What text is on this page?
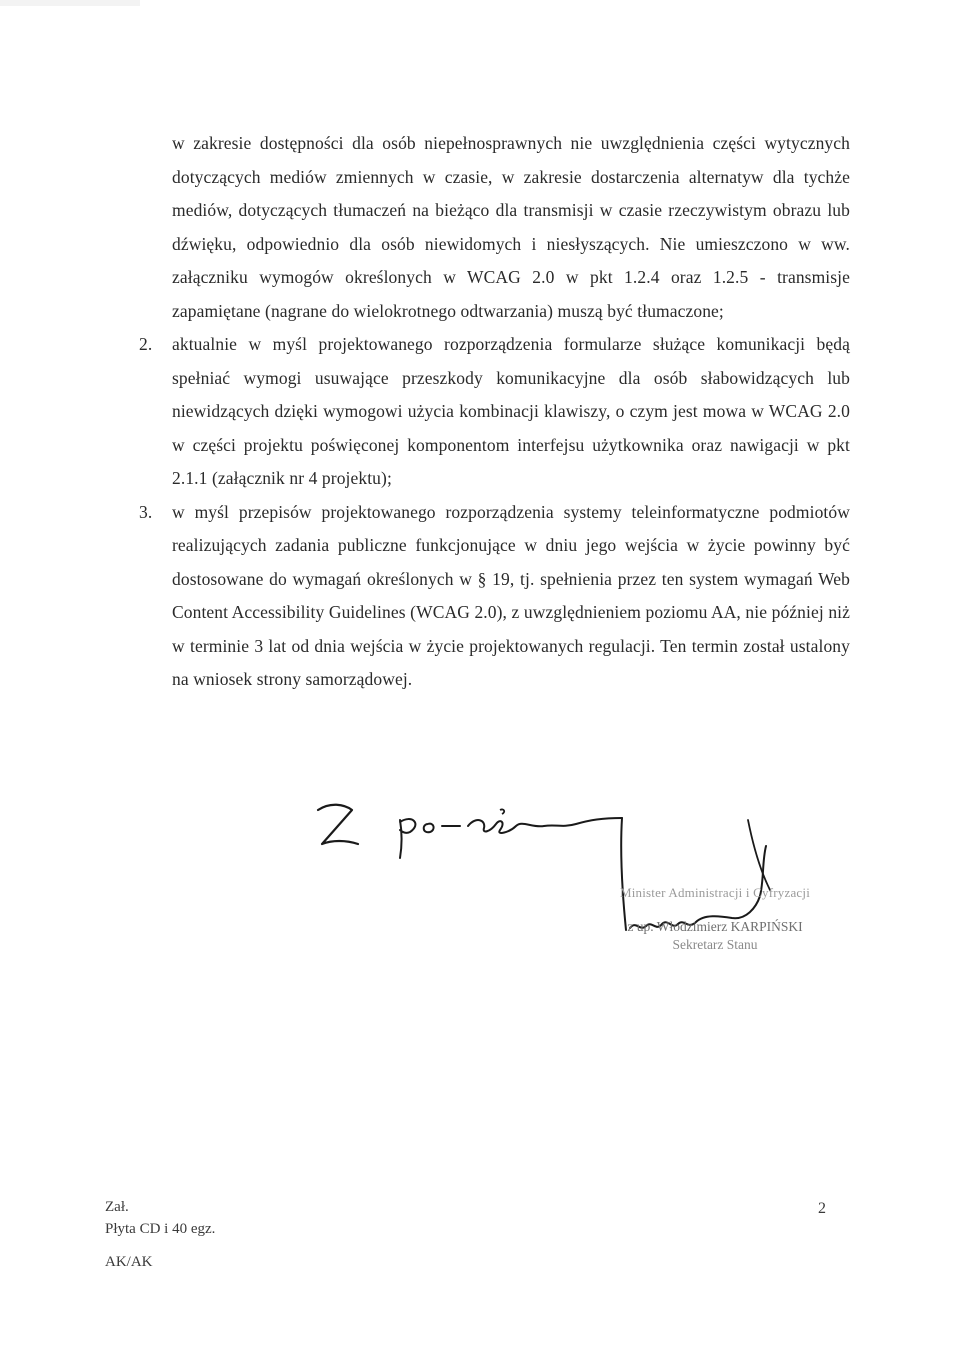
w zakresie dostępności dla osób niepełnosprawnych nie uwzględnienia części wytycznych dotyczących mediów zmiennych w czasie, w zakresie dostarczenia alternatyw dla tychże mediów, dotyczących tłumaczeń na bieżąco dla transmisji w czasie rzeczywistym obrazu lub dźwięku, odpowiednio dla osób niewidomych i niesłyszących. Nie umieszczono w ww. załączniku wymogów określonych w WCAG 2.0 w pkt 1.2.4 oraz 1.2.5 - transmisje zapamiętane (nagrane do wielokrotnego odtwarzania) muszą być tłumaczone;

2. aktualnie w myśl projektowanego rozporządzenia formularze służące komunikacji będą spełniać wymogi usuwające przeszkody komunikacyjne dla osób słabowidzących lub niewidzących dzięki wymogowi użycia kombinacji klawiszy, o czym jest mowa w WCAG 2.0 w części projektu poświęconej komponentom interfejsu użytkownika oraz nawigacji w pkt 2.1.1 (załącznik nr 4 projektu);

3. w myśl przepisów projektowanego rozporządzenia systemy teleinformatyczne podmiotów realizujących zadania publiczne funkcjonujące w dniu jego wejścia w życie powinny być dostosowane do wymagań określonych w § 19, tj. spełnienia przez ten system wymagań Web Content Accessibility Guidelines (WCAG 2.0), z uwzględnieniem poziomu AA, nie później niż w terminie 3 lat od dnia wejścia w życie projektowanych regulacji. Ten termin został ustalony na wniosek strony samorządowej.

Minister Administracji i Cyfryzacji
z up. Włodzimierz KARPIŃSKI
Sekretarz Stanu
Zał.
Płyta CD i 40 egz.
AK/AK
2
